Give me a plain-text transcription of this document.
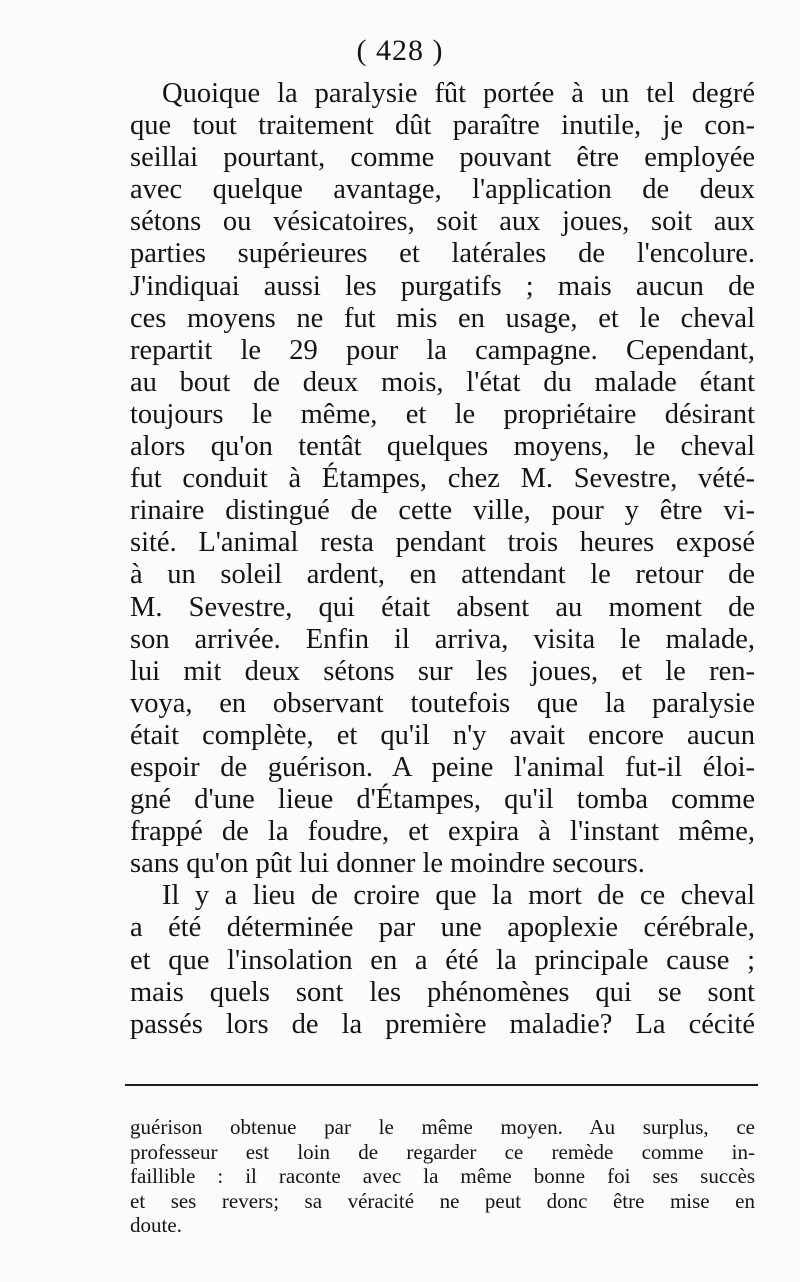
( 428 )
Quoique la paralysie fût portée à un tel degré
que tout traitement dût paraître inutile, je con-
seillai pourtant, comme pouvant être employée
avec quelque avantage, l'application de deux
sétons ou vésicatoires, soit aux joues, soit aux
parties supérieures et latérales de l'encolure.
J'indiquai aussi les purgatifs ; mais aucun de
ces moyens ne fut mis en usage, et le cheval
repartit le 29 pour la campagne. Cependant,
au bout de deux mois, l'état du malade étant
toujours le même, et le propriétaire désirant
alors qu'on tentât quelques moyens, le cheval
fut conduit à Étampes, chez M. Sevestre, vété-
rinaire distingué de cette ville, pour y être vi-
sité. L'animal resta pendant trois heures exposé
à un soleil ardent, en attendant le retour de
M. Sevestre, qui était absent au moment de
son arrivée. Enfin il arriva, visita le malade,
lui mit deux sétons sur les joues, et le ren-
voya, en observant toutefois que la paralysie
était complète, et qu'il n'y avait encore aucun
espoir de guérison. A peine l'animal fut-il éloi-
gné d'une lieue d'Étampes, qu'il tomba comme
frappé de la foudre, et expira à l'instant même,
sans qu'on pût lui donner le moindre secours.
Il y a lieu de croire que la mort de ce cheval
a été déterminée par une apoplexie cérébrale,
et que l'insolation en a été la principale cause ;
mais quels sont les phénomènes qui se sont
passés lors de la première maladie? La cécité
guérison obtenue par le même moyen. Au surplus, ce
professeur est loin de regarder ce remède comme in-
faillible : il raconte avec la même bonne foi ses succès
et ses revers; sa véracité ne peut donc être mise en
doute.
